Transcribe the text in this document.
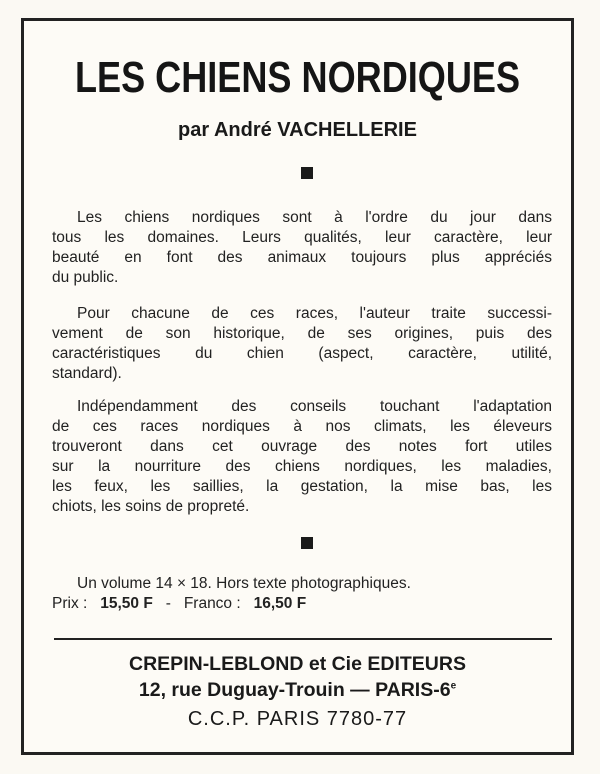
LES CHIENS NORDIQUES
par André VACHELLERIE
Les chiens nordiques sont à l'ordre du jour dans
tous les domaines. Leurs qualités, leur caractère, leur
beauté en font des animaux toujours plus appréciés
du public.
Pour chacune de ces races, l'auteur traite successi-
vement de son historique, de ses origines, puis des
caractéristiques du chien (aspect, caractère, utilité,
standard).
Indépendamment des conseils touchant l'adaptation
de ces races nordiques à nos climats, les éleveurs
trouveront dans cet ouvrage des notes fort utiles
sur la nourriture des chiens nordiques, les maladies,
les feux, les saillies, la gestation, la mise bas, les
chiots, les soins de propreté.
Un volume 14 × 18. Hors texte photographiques.
Prix : 15,50 F - Franco : 16,50 F
CREPIN-LEBLOND et Cie EDITEURS
12, rue Duguay-Trouin — PARIS-6e
C.C.P. PARIS 7780-77
